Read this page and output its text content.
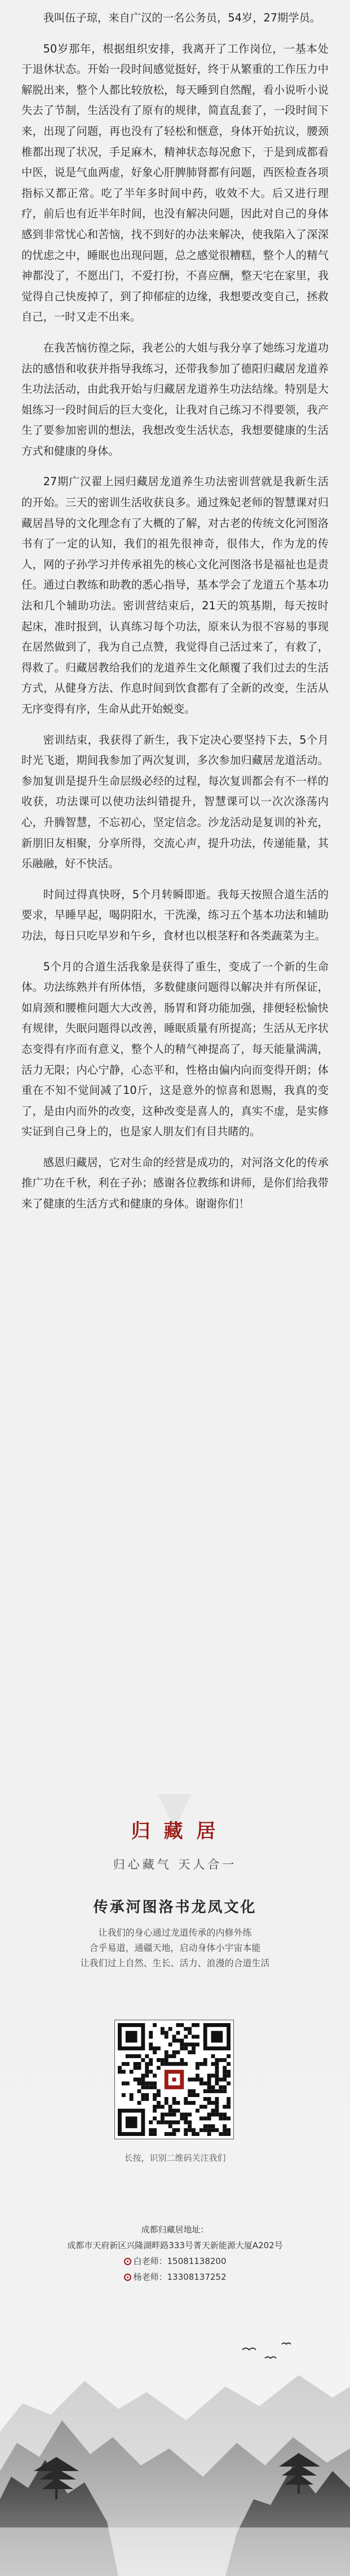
我叫伍子琼，来自广汉的一名公务员，54岁，27期学员。

50岁那年，根据组织安排，我离开了工作岗位，一基本处于退休状态。开始一段时间感觉挺好，终于从繁重的工作压力中解脱出来，整个人都比较放松，每天睡到自然醒，看小说听小说失去了节制，生活没有了原有的规律，简直乱套了，一段时间下来，出现了问题，再也没有了轻松和惬意，身体开始抗议，腰颈椎都出现了状况，手足麻木，精神状态每况愈下，于是到成都看中医，说是气血两虚，好象心肝脾肺肾都有问题，西医检查各项指标又都正常。吃了半年多时间中药，收效不大。后又进行理疗，前后也有近半年时间，也没有解决问题，因此对自己的身体感到非常忧心和苦恼，找不到好的办法来解决，使我陷入了深深的忧虑之中，睡眠也出现问题，总之感觉很糟糕，整个人的精气神都没了，不愿出门，不爱打扮，不喜应酬，整天宅在家里，我觉得自己快废掉了，到了抑郁症的边缘，我想要改变自己，拯救自己，一时又走不出来。

在我苦恼彷徨之际，我老公的大姐与我分享了她练习龙道功法的感悟和收获并指导我练习，还带我参加了德阳归藏居龙道养生功法活动，由此我开始与归藏居龙道养生功法结缘。特别是大姐练习一段时间后的巨大变化，让我对自己练习不得要领，我产生了要参加密训的想法，我想改变生活状态，我想要健康的生活方式和健康的身体。

27期广汉翟上园归藏居龙道养生功法密训营就是我新生活的开始。三天的密训生活收获良多。通过殊妃老师的智慧课对归藏居昌导的文化理念有了大概的了解，对古老的传统文化河图洛书有了一定的认知，我们的祖先很神奇，很伟大，作为龙的传人，网的子孙学习并传承祖先的核心文化河图洛书是福祉也是责任。通过白教练和助教的悉心指导，基本学会了龙道五个基本功法和几个辅助功法。密训营结束后，21天的筑基期，每天按时起床，准时报到，认真练习每个功法，原来认为很不容易的事现在居然做到了，我为自己点赞，我觉得自己活过来了，有救了，得救了。归藏居教给我们的龙道养生文化颠覆了我们过去的生活方式，从健身方法、作息时间到饮食都有了全新的改变，生活从无序变得有序，生命从此开始蜕变。

密训结束，我获得了新生，我下定决心要坚持下去，5个月时光飞逝，期间我参加了两次复训，多次参加归藏居龙道活动。参加复训是提升生命层级必经的过程，每次复训都会有不一样的收获，功法课可以使功法纠错提升，智慧课可以一次次涤荡内心，升腾智慧，不忘初心，坚定信念。沙龙活动是复训的补充，新朋旧友相聚，分享所得，交流心声，提升功法，传递能量，其乐融融，好不快活。

时间过得真快呀，5个月转瞬即逝。我每天按照合道生活的要求，早睡早起，喝阴阳水，干洗澡，练习五个基本功法和辅助功法，每日只吃早岁和午乡，食材也以根茎籽和各类蔬菜为主。

5个月的合道生活我象是获得了重生，变成了一个新的生命体。功法练熟并有所体悟，多数健康问题得以解决并有所保证，如肩颈和腰椎问题大大改善，肠胃和肾功能加强，排便轻松愉快有规律，失眠问题得以改善，睡眠质量有所提高；生活从无序状态变得有序而有意义，整个人的精气神提高了，每天能量满满，活力无限；内心宁静，心态平和，性格由偏内向而变得开朗；体重在不知不觉间减了10斤，这是意外的惊喜和恩赐，我真的变了，是由内而外的改变，这种改变是喜人的，真实不虚，是实修实证到自己身上的，也是家人朋友们有目共睹的。

感恩归藏居，它对生命的经营是成功的，对河洛文化的传承推广功在千秋，利在子孙；感谢各位教练和讲师，是你们给我带来了健康的生活方式和健康的身体。谢谢你们！

归 藏 居
归心藏气 天人合一
传承河图洛书龙凤文化
让我们的身心通过龙道传承的内修外练
合乎易道，通疆天地，启动身体小宇宙本能
让我们过上自然、生长、活力、浪漫的合道生活
长按，识别二维码关注我们
成都归藏居地址：
成都市天府新区兴隆湖畔路333号菁天新能源大厦A202号
白老师：15081138200
杨老师：13308137252
